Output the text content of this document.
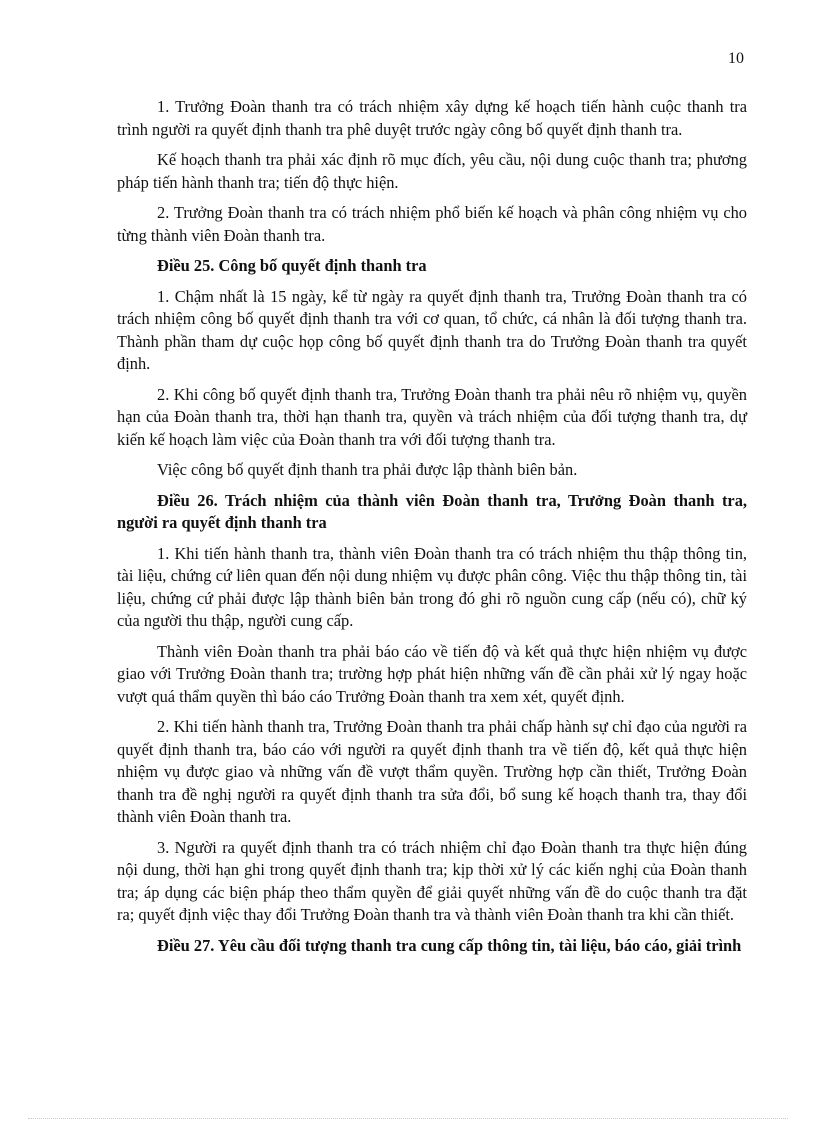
10

1. Trưởng Đoàn thanh tra có trách nhiệm xây dựng kế hoạch tiến hành cuộc thanh tra trình người ra quyết định thanh tra phê duyệt trước ngày công bố quyết định thanh tra.

Kế hoạch thanh tra phải xác định rõ mục đích, yêu cầu, nội dung cuộc thanh tra; phương pháp tiến hành thanh tra; tiến độ thực hiện.

2. Trưởng Đoàn thanh tra có trách nhiệm phổ biến kế hoạch và phân công nhiệm vụ cho từng thành viên Đoàn thanh tra.

Điều 25. Công bố quyết định thanh tra

1. Chậm nhất là 15 ngày, kể từ ngày ra quyết định thanh tra, Trưởng Đoàn thanh tra có trách nhiệm công bố quyết định thanh tra với cơ quan, tổ chức, cá nhân là đối tượng thanh tra. Thành phần tham dự cuộc họp công bố quyết định thanh tra do Trưởng Đoàn thanh tra quyết định.

2. Khi công bố quyết định thanh tra, Trưởng Đoàn thanh tra phải nêu rõ nhiệm vụ, quyền hạn của Đoàn thanh tra, thời hạn thanh tra, quyền và trách nhiệm của đối tượng thanh tra, dự kiến kế hoạch làm việc của Đoàn thanh tra với đối tượng thanh tra.

Việc công bố quyết định thanh tra phải được lập thành biên bản.

Điều 26. Trách nhiệm của thành viên Đoàn thanh tra, Trưởng Đoàn thanh tra, người ra quyết định thanh tra

1. Khi tiến hành thanh tra, thành viên Đoàn thanh tra có trách nhiệm thu thập thông tin, tài liệu, chứng cứ liên quan đến nội dung nhiệm vụ được phân công. Việc thu thập thông tin, tài liệu, chứng cứ phải được lập thành biên bản trong đó ghi rõ nguồn cung cấp (nếu có), chữ ký của người thu thập, người cung cấp.

Thành viên Đoàn thanh tra phải báo cáo về tiến độ và kết quả thực hiện nhiệm vụ được giao với Trưởng Đoàn thanh tra; trường hợp phát hiện những vấn đề cần phải xử lý ngay hoặc vượt quá thẩm quyền thì báo cáo Trưởng Đoàn thanh tra xem xét, quyết định.

2. Khi tiến hành thanh tra, Trưởng Đoàn thanh tra phải chấp hành sự chỉ đạo của người ra quyết định thanh tra, báo cáo với người ra quyết định thanh tra về tiến độ, kết quả thực hiện nhiệm vụ được giao và những vấn đề vượt thẩm quyền. Trường hợp cần thiết, Trưởng Đoàn thanh tra đề nghị người ra quyết định thanh tra sửa đổi, bổ sung kế hoạch thanh tra, thay đổi thành viên Đoàn thanh tra.

3. Người ra quyết định thanh tra có trách nhiệm chỉ đạo Đoàn thanh tra thực hiện đúng nội dung, thời hạn ghi trong quyết định thanh tra; kịp thời xử lý các kiến nghị của Đoàn thanh tra; áp dụng các biện pháp theo thẩm quyền để giải quyết những vấn đề do cuộc thanh tra đặt ra; quyết định việc thay đổi Trưởng Đoàn thanh tra và thành viên Đoàn thanh tra khi cần thiết.

Điều 27. Yêu cầu đối tượng thanh tra cung cấp thông tin, tài liệu, báo cáo, giải trình
